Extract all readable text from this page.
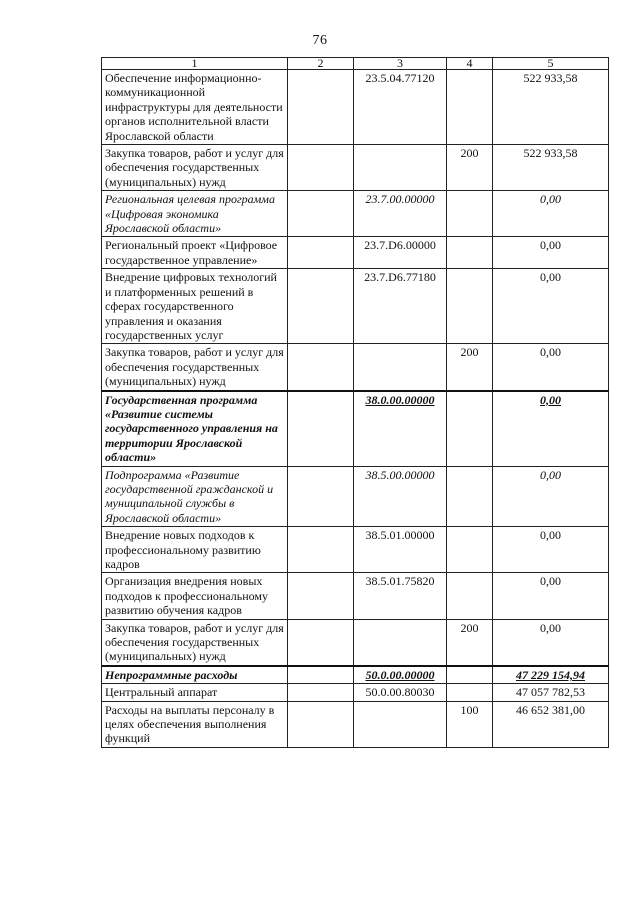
76
1	2	3	4	5
Обеспечение информационно-коммуникационной инфраструктуры для деятельности органов исполнительной власти Ярославской области		23.5.04.77120		522 933,58
Закупка товаров, работ и услуг для обеспечения государственных (муниципальных) нужд			200	522 933,58
Региональная целевая программа «Цифровая экономика Ярославской области»		23.7.00.00000		0,00
Региональный проект «Цифровое государственное управление»		23.7.D6.00000		0,00
Внедрение цифровых технологий и платформенных решений в сферах государственного управления и оказания государственных услуг		23.7.D6.77180		0,00
Закупка товаров, работ и услуг для обеспечения государственных (муниципальных) нужд			200	0,00
Государственная программа «Развитие системы государственного управления на территории Ярославской области»		38.0.00.00000		0,00
Подпрограмма «Развитие государственной гражданской и муниципальной службы в Ярославской области»		38.5.00.00000		0,00
Внедрение новых подходов к профессиональному развитию кадров		38.5.01.00000		0,00
Организация внедрения новых подходов к профессиональному развитию обучения кадров		38.5.01.75820		0,00
Закупка товаров, работ и услуг для обеспечения государственных (муниципальных) нужд			200	0,00
Непрограммные расходы		50.0.00.00000		47 229 154,94
Центральный аппарат		50.0.00.80030		47 057 782,53
Расходы на выплаты персоналу в целях обеспечения выполнения функций			100	46 652 381,00
